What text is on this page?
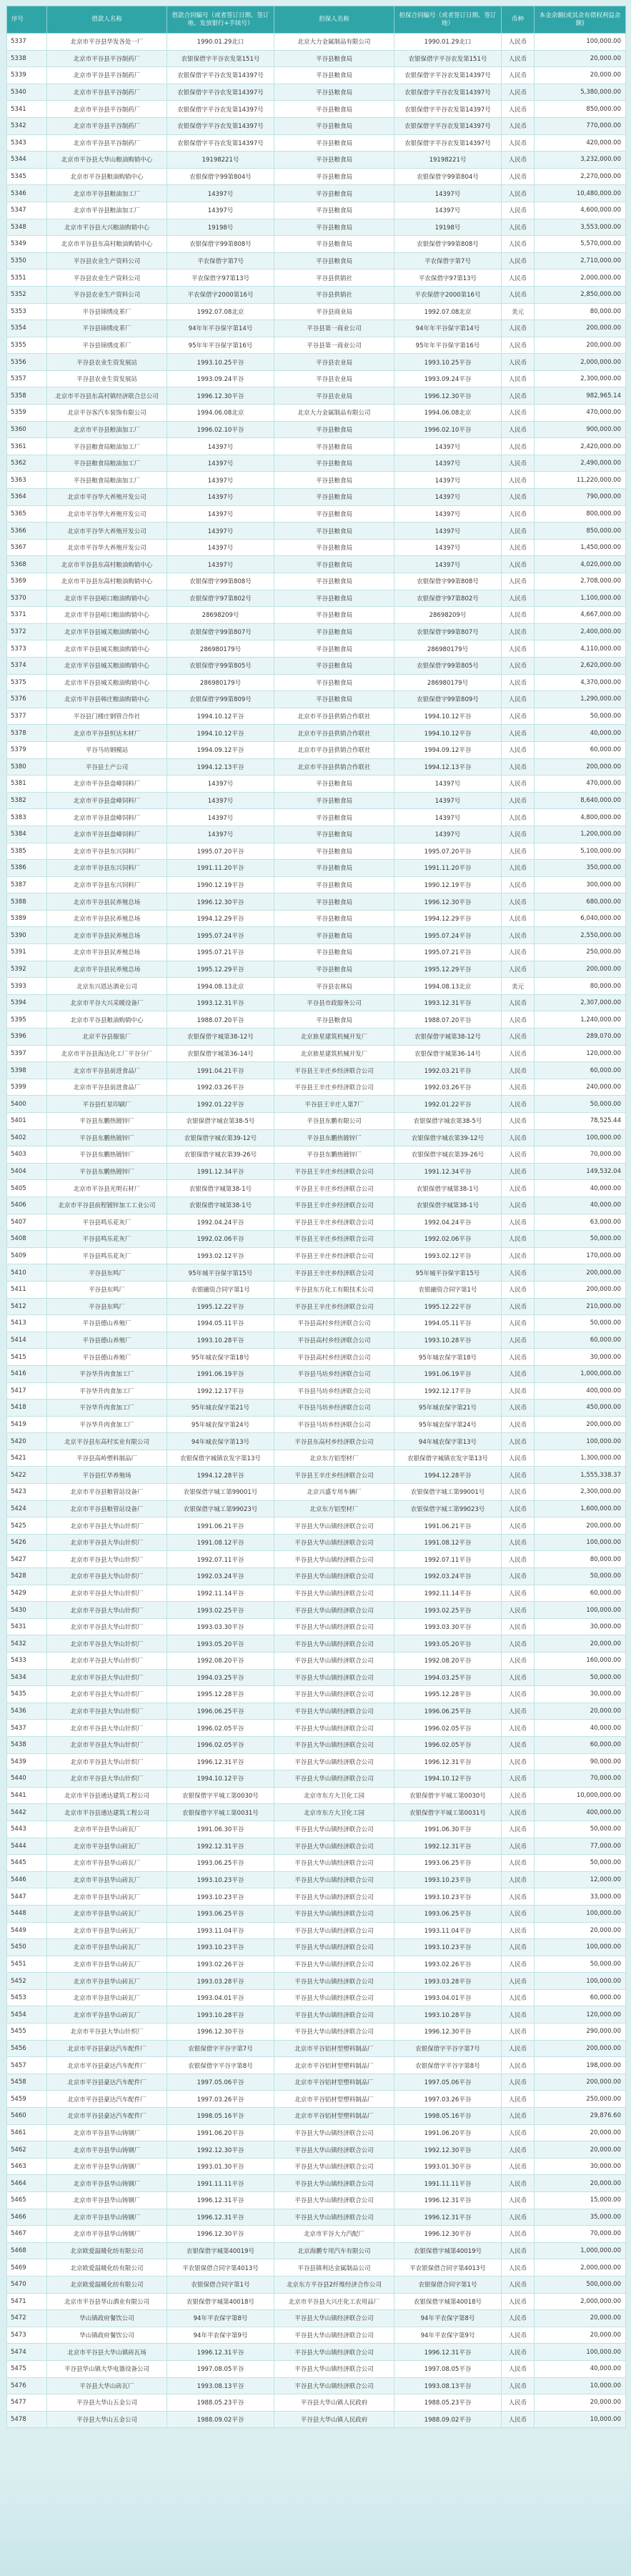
序号	借款人名称	借款合同编号（或者签订日期、签订地、发放银行+手续号）	担保人名称	担保合同编号（或者签订日期、签订地）	币种	本金余额(或其余有债权利益余额)
5337	北京市平谷县华发各处一厂	1990.01.29北口	北京大力金属制品有限公司	1990.01.29北口	人民币	100,000.00
5338	北京市平谷县平谷制药厂	农银保借字平谷农发第151号	平谷县粮食局	农银保借字平谷农发第151号	人民币	20,000.00
5339	北京市平谷县平谷制药厂	农银保借字平谷农发第14397号	平谷县粮食局	农银保借字平谷农发第14397号	人民币	20,000.00
5340	北京市平谷县平谷制药厂	农银保借字平谷农发第14397号	平谷县粮食局	农银保借字平谷农发第14397号	人民币	5,380,000.00
5341	北京市平谷县平谷制药厂	农银保借字平谷农发第14397号	平谷县粮食局	农银保借字平谷农发第14397号	人民币	850,000.00
5342	北京市平谷县平谷制药厂	农银保借字平谷农发第14397号	平谷县粮食局	农银保借字平谷农发第14397号	人民币	770,000.00
5343	北京市平谷县平谷制药厂	农银保借字平谷农发第14397号	平谷县粮食局	农银保借字平谷农发第14397号	人民币	420,000.00
5344	北京市平谷县大华山粮油购销中心	19198221号	平谷县粮食局	19198221号	人民币	3,232,000.00
5345	北京市平谷县粮油购销中心	农银保借字99第804号	平谷县粮食局	农银保借字99第804号	人民币	2,270,000.00
5346	北京市平谷县粮油加工厂	14397号	平谷县粮食局	14397号	人民币	10,480,000.00
5347	北京市平谷县粮油加工厂	14397号	平谷县粮食局	14397号	人民币	4,600,000.00
5348	北京市平谷县大兴粮油购销中心	19198号	平谷县粮食局	19198号	人民币	3,553,000.00
5349	北京市平谷县东高村粮油购销中心	农银保借字99第808号	平谷县粮食局	农银保借字99第808号	人民币	5,570,000.00
5350	平谷县农业生产资料公司	平农保借字第7号	平谷县粮食局	平农保借字第7号	人民币	2,710,000.00
5351	平谷县农业生产资料公司	平农保借字97第13号	平谷县供销社	平农保借字97第13号	人民币	2,000,000.00
5352	平谷县农业生产资料公司	平农保借字2000第16号	平谷县供销社	平农保借字2000第16号	人民币	2,850,000.00
5353	平谷县锦绣皮革厂	1992.07.08北京	平谷县商业局	1992.07.08北京	美元	80,000.00
5354	平谷县锦绣皮革厂	94年年平谷保字第14号	平谷县第一商业公司	94年年平谷保字第14号	人民币	200,000.00
5355	平谷县锦绣皮革厂	95年年平谷保字第16号	平谷县第一商业公司	95年年平谷保字第16号	人民币	200,000.00
5356	平谷县农业生资发展站	1993.10.25平谷	平谷县农业局	1993.10.25平谷	人民币	2,000,000.00
5357	平谷县农业生资发展站	1993.09.24平谷	平谷县农业局	1993.09.24平谷	人民币	2,300,000.00
5358	北京市平谷县东高村镇经济联合总公司	1996.12.30平谷	平谷县农业局	1996.12.30平谷	人民币	982,965.14
5359	北京平谷客汽车装饰有限公司	1994.06.08北京	北京大力金属制品有限公司	1994.06.08北京	人民币	470,000.00
5360	北京市平谷县粮油加工厂	1996.02.10平谷	平谷县粮食局	1996.02.10平谷	人民币	900,000.00
5361	平谷县粮食局粮油加工厂	14397号	平谷县粮食局	14397号	人民币	2,420,000.00
5362	平谷县粮食局粮油加工厂	14397号	平谷县粮食局	14397号	人民币	2,490,000.00
5363	平谷县粮食局粮油加工厂	14397号	平谷县粮食局	14397号	人民币	11,220,000.00
5364	北京市平谷华大养殖开发公司	14397号	平谷县粮食局	14397号	人民币	790,000.00
5365	北京市平谷华大养殖开发公司	14397号	平谷县粮食局	14397号	人民币	800,000.00
5366	北京市平谷华大养殖开发公司	14397号	平谷县粮食局	14397号	人民币	850,000.00
5367	北京市平谷华大养殖开发公司	14397号	平谷县粮食局	14397号	人民币	1,450,000.00
5368	北京市平谷县东高村粮油购销中心	14397号	平谷县粮食局	14397号	人民币	4,020,000.00
5369	北京市平谷县东高村粮油购销中心	农银保借字99第808号	平谷县粮食局	农银保借字99第808号	人民币	2,708,000.00
5370	北京市平谷县峪口粮油购销中心	农银保借字97第802号	平谷县粮食局	农银保借字97第802号	人民币	1,100,000.00
5371	北京市平谷县峪口粮油购销中心	28698209号	平谷县粮食局	28698209号	人民币	4,667,000.00
5372	北京市平谷县城关粮油购销中心	农银保借字99第807号	平谷县粮食局	农银保借字99第807号	人民币	2,400,000.00
5373	北京市平谷县城关粮油购销中心	286980179号	平谷县粮食局	286980179号	人民币	4,110,000.00
5374	北京市平谷县城关粮油购销中心	农银保借字99第805号	平谷县粮食局	农银保借字99第805号	人民币	2,620,000.00
5375	北京市平谷县城关粮油购销中心	286980179号	平谷县粮食局	286980179号	人民币	4,370,000.00
5376	北京市平谷县韩庄粮油购销中心	农银保借字99第809号	平谷县粮食局	农银保借字99第809号	人民币	1,290,000.00
5377	平谷县门楼庄钢管合作社	1994.10.12平谷	北京市平谷县供销合作联社	1994.10.12平谷	人民币	50,000.00
5378	北京市平谷县恒达木材厂	1994.10.12平谷	北京市平谷县供销合作联社	1994.10.12平谷	人民币	40,000.00
5379	平谷马坊钢模站	1994.09.12平谷	北京市平谷县供销合作联社	1994.09.12平谷	人民币	60,000.00
5380	平谷县土产公司	1994.12.13平谷	北京市平谷县供销合作联社	1994.12.13平谷	人民币	200,000.00
5381	北京市平谷县盘峰饲料厂	14397号	平谷县粮食局	14397号	人民币	470,000.00
5382	北京市平谷县盘峰饲料厂	14397号	平谷县粮食局	14397号	人民币	8,640,000.00
5383	北京市平谷县盘峰饲料厂	14397号	平谷县粮食局	14397号	人民币	4,800,000.00
5384	北京市平谷县盘峰饲料厂	14397号	平谷县粮食局	14397号	人民币	1,200,000.00
5385	北京市平谷县东兴饲料厂	1995.07.20平谷	平谷县粮食局	1995.07.20平谷	人民币	5,100,000.00
5386	北京市平谷县东兴饲料厂	1991.11.20平谷	平谷县粮食局	1991.11.20平谷	人民币	350,000.00
5387	北京市平谷县东兴饲料厂	1990.12.19平谷	平谷县粮食局	1990.12.19平谷	人民币	300,000.00
5388	北京市平谷县民养殖总场	1996.12.30平谷	平谷县粮食局	1996.12.30平谷	人民币	680,000.00
5389	北京市平谷县民养殖总场	1994.12.29平谷	平谷县粮食局	1994.12.29平谷	人民币	6,040,000.00
5390	北京市平谷县民养殖总场	1995.07.24平谷	平谷县粮食局	1995.07.24平谷	人民币	2,550,000.00
5391	北京市平谷县民养殖总场	1995.07.21平谷	平谷县粮食局	1995.07.21平谷	人民币	250,000.00
5392	北京市平谷县民养殖总场	1995.12.29平谷	平谷县粮食局	1995.12.29平谷	人民币	200,000.00
5393	北京东兴恩达酒业公司	1994.08.13北京	平谷县农林局	1994.08.13北京	美元	80,000.00
5394	北京市平谷大兴采暖设备厂	1993.12.31平谷	平谷县市政服务公司	1993.12.31平谷	人民币	2,307,000.00
5395	北京市平谷县粮油购销中心	1988.07.20平谷	平谷县粮食局	1988.07.20平谷	人民币	1,240,000.00
5396	北京平谷县服装厂	农银保借字城第38-12号	北京旅星建筑机械开发厂	农银保借字城第38-12号	人民币	289,070.00
5397	北京市平谷县海达化工厂平谷分厂	农银保借字城第36-14号	北京旅星建筑机械开发厂	农银保借字城第36-14号	人民币	120,000.00
5398	北京市平谷县前进食品厂	1991.04.21平谷	平谷县王辛庄乡经济联合公司	1992.03.21平谷	人民币	60,000.00
5399	北京市平谷县前进食品厂	1992.03.26平谷	平谷县王辛庄乡经济联合公司	1992.03.26平谷	人民币	240,000.00
5400	平谷县红星印刷厂	1992.01.22平谷	平谷县王辛庄人第7厂	1992.01.22平谷	人民币	50,000.00
5401	平谷县东鹏热镀锌厂	农银保借字城农第38-5号	平谷县东鹏有限公司	农银保借字城农第38-5号	人民币	78,525.44
5402	平谷县东鹏热镀锌厂	农银保借字城农第39-12号	平谷县东鹏热镀锌厂	农银保借字城农第39-12号	人民币	100,000.00
5403	平谷县东鹏热镀锌厂	农银保借字城农第39-26号	平谷县东鹏热镀锌厂	农银保借字城农第39-26号	人民币	70,000.00
5404	平谷县东鹏热镀锌厂	1991.12.34平谷	平谷县王辛庄乡经济联合公司	1991.12.34平谷	人民币	149,532.04
5405	北京市平谷县光明石材厂	农银保借字城第38-1号	平谷县王辛庄乡经济联合公司	农银保借字城第38-1号	人民币	40,000.00
5406	北京市平谷县前程镀锌加工工业公司	农银保借字城第38-1号	平谷县王辛庄乡经济联合公司	农银保借字城第38-1号	人民币	40,000.00
5407	平谷县鸣乐花灰厂	1992.04.24平谷	平谷县王辛庄乡经济联合公司	1992.04.24平谷	人民币	63,000.00
5408	平谷县鸣乐花灰厂	1992.02.06平谷	平谷县王辛庄乡经济联合公司	1992.02.06平谷	人民币	50,000.00
5409	平谷县鸣乐花灰厂	1993.02.12平谷	平谷县王辛庄乡经济联合公司	1993.02.12平谷	人民币	170,000.00
5410	平谷县东鸣厂	95年城平谷保字第15号	平谷县王辛庄乡经济联合公司	95年城平谷保字第15号	人民币	200,000.00
5411	平谷县东鸣厂	农银融资合同字第1号	平谷县东方化工有限技术公司	农银融资合同字第1号	人民币	200,000.00
5412	平谷县东鸣厂	1995.12.22平谷	平谷县王辛庄乡经济联合公司	1995.12.22平谷	人民币	210,000.00
5413	平谷县德山养殖厂	1994.05.11平谷	平谷县高村乡经济联合公司	1994.05.11平谷	人民币	50,000.00
5414	平谷县德山养殖厂	1993.10.28平谷	平谷县高村乡经济联合公司	1993.10.28平谷	人民币	60,000.00
5415	平谷县德山养殖厂	95年城农保字第18号	平谷县高村乡经济联合公司	95年城农保字第18号	人民币	30,000.00
5416	平谷华升肉食加工厂	1991.06.19平谷	平谷县马坊乡经济联合公司	1991.06.19平谷	人民币	1,000,000.00
5417	平谷华升肉食加工厂	1992.12.17平谷	平谷县马坊乡经济联合公司	1992.12.17平谷	人民币	400,000.00
5418	平谷华升肉食加工厂	95年城农保字第21号	平谷县马坊乡经济联合公司	95年城农保字第21号	人民币	450,000.00
5419	平谷华升肉食加工厂	95年城农保字第24号	平谷县马坊乡经济联合公司	95年城农保字第24号	人民币	200,000.00
5420	北京平谷县东高村实业有限公司	94年城农保字第13号	平谷县东高村乡经济联合公司	94年城农保字第13号	人民币	100,000.00
5421	平谷县高岭塑料制品厂	农银保借字城镇农发字第13号	北京东方铝型材厂	农银保借字城镇农发字第13号	人民币	1,300,000.00
5422	平谷县红华养殖场	1994.12.28平谷	平谷县王辛庄乡经济联合公司	1994.12.28平谷	人民币	1,555,338.37
5423	北京市平谷县粮管站设备厂	农银保借字城工第99001号	北京兴盛专用车辆厂	农银保借字城工第99001号	人民币	2,300,000.00
5424	北京市平谷县粮管站设备厂	农银保借字城工第99023号	北京东方铝型材厂	农银保借字城工第99023号	人民币	1,600,000.00
5425	北京市平谷县大华山针织厂	1991.06.21平谷	平谷县大华山镇经济联合公司	1991.06.21平谷	人民币	200,000.00
5426	北京市平谷县大华山针织厂	1991.08.12平谷	平谷县大华山镇经济联合公司	1991.08.12平谷	人民币	100,000.00
5427	北京市平谷县大华山针织厂	1992.07.11平谷	平谷县大华山镇经济联合公司	1992.07.11平谷	人民币	80,000.00
5428	北京市平谷县大华山针织厂	1992.03.24平谷	平谷县大华山镇经济联合公司	1992.03.24平谷	人民币	50,000.00
5429	北京市平谷县大华山针织厂	1992.11.14平谷	平谷县大华山镇经济联合公司	1992.11.14平谷	人民币	60,000.00
5430	北京市平谷县大华山针织厂	1993.02.25平谷	平谷县大华山镇经济联合公司	1993.02.25平谷	人民币	100,000.00
5431	北京市平谷县大华山针织厂	1993.03.30平谷	平谷县大华山镇经济联合公司	1993.03.30平谷	人民币	30,000.00
5432	北京市平谷县大华山针织厂	1993.05.20平谷	平谷县大华山镇经济联合公司	1993.05.20平谷	人民币	20,000.00
5433	北京市平谷县大华山针织厂	1992.08.20平谷	平谷县大华山镇经济联合公司	1992.08.20平谷	人民币	160,000.00
5434	北京市平谷县大华山针织厂	1994.03.25平谷	平谷县大华山镇经济联合公司	1994.03.25平谷	人民币	50,000.00
5435	北京市平谷县大华山针织厂	1995.12.28平谷	平谷县大华山镇经济联合公司	1995.12.28平谷	人民币	30,000.00
5436	北京市平谷县大华山针织厂	1996.06.25平谷	平谷县大华山镇经济联合公司	1996.06.25平谷	人民币	20,000.00
5437	北京市平谷县大华山针织厂	1996.02.05平谷	平谷县大华山镇经济联合公司	1996.02.05平谷	人民币	40,000.00
5438	北京市平谷县大华山针织厂	1996.02.05平谷	平谷县大华山镇经济联合公司	1996.02.05平谷	人民币	60,000.00
5439	北京市平谷县大华山针织厂	1996.12.31平谷	平谷县大华山镇经济联合公司	1996.12.31平谷	人民币	90,000.00
5440	北京市平谷县大华山针织厂	1994.10.12平谷	平谷县大华山镇经济联合公司	1994.10.12平谷	人民币	70,000.00
5441	北京市平谷县通达建筑工程公司	农银保借字平城工第0030号	北京市东方大卫化工园	农银保借字平城工第0030号	人民币	10,000,000.00
5442	北京市平谷县通达建筑工程公司	农银保借字平城工第0031号	北京市东方大卫化工园	农银保借字平城工第0031号	人民币	400,000.00
5443	北京市平谷县华山砖瓦厂	1991.06.30平谷	平谷县大华山镇经济联合公司	1991.06.30平谷	人民币	50,000.00
5444	北京市平谷县华山砖瓦厂	1992.12.31平谷	平谷县大华山镇经济联合公司	1992.12.31平谷	人民币	77,000.00
5445	北京市平谷县华山砖瓦厂	1993.06.25平谷	平谷县大华山镇经济联合公司	1993.06.25平谷	人民币	50,000.00
5446	北京市平谷县华山砖瓦厂	1993.10.23平谷	平谷县大华山镇经济联合公司	1993.10.23平谷	人民币	12,000.00
5447	北京市平谷县华山砖瓦厂	1993.10.23平谷	平谷县大华山镇经济联合公司	1993.10.23平谷	人民币	33,000.00
5448	北京市平谷县华山砖瓦厂	1993.06.25平谷	平谷县大华山镇经济联合公司	1993.06.25平谷	人民币	100,000.00
5449	北京市平谷县华山砖瓦厂	1993.11.04平谷	平谷县大华山镇经济联合公司	1993.11.04平谷	人民币	20,000.00
5450	北京市平谷县华山砖瓦厂	1993.10.23平谷	平谷县大华山镇经济联合公司	1993.10.23平谷	人民币	100,000.00
5451	北京市平谷县华山砖瓦厂	1993.02.26平谷	平谷县大华山镇经济联合公司	1993.02.26平谷	人民币	50,000.00
5452	北京市平谷县华山砖瓦厂	1993.03.28平谷	平谷县大华山镇经济联合公司	1993.03.28平谷	人民币	100,000.00
5453	北京市平谷县华山砖瓦厂	1993.04.01平谷	平谷县大华山镇经济联合公司	1993.04.01平谷	人民币	60,000.00
5454	北京市平谷县华山砖瓦厂	1993.10.28平谷	平谷县大华山镇经济联合公司	1993.10.28平谷	人民币	120,000.00
5455	北京市平谷县大华山针织厂	1996.12.30平谷	平谷县大华山镇经济联合公司	1996.12.30平谷	人民币	290,000.00
5456	北京市平谷县豪达汽车配件厂	农银保借字平谷字第7号	北京市平谷铝材型塑料制品厂	农银保借字平谷字第7号	人民币	200,000.00
5457	北京市平谷县豪达汽车配件厂	农银保借字平谷字第8号	北京市平谷铝材型塑料制品厂	农银保借字平谷字第8号	人民币	198,000.00
5458	北京市平谷县豪达汽车配件厂	1997.05.06平谷	北京市平谷铝材型塑料制品厂	1997.05.06平谷	人民币	200,000.00
5459	北京市平谷县豪达汽车配件厂	1997.03.26平谷	北京市平谷铝材型塑料制品厂	1997.03.26平谷	人民币	250,000.00
5460	北京市平谷县豪达汽车配件厂	1998.05.16平谷	北京市平谷铝材型塑料制品厂	1998.05.16平谷	人民币	29,876.60
5461	北京市平谷县华山铸钢厂	1991.06.20平谷	平谷县大华山镇经济联合公司	1991.06.20平谷	人民币	20,000.00
5462	北京市平谷县华山铸钢厂	1992.12.30平谷	平谷县大华山镇经济联合公司	1992.12.30平谷	人民币	20,000.00
5463	北京市平谷县华山铸钢厂	1993.01.30平谷	平谷县大华山镇经济联合公司	1993.01.30平谷	人民币	30,000.00
5464	北京市平谷县华山铸钢厂	1991.11.11平谷	平谷县大华山镇经济联合公司	1991.11.11平谷	人民币	20,000.00
5465	北京市平谷县华山铸钢厂	1996.12.31平谷	平谷县大华山镇经济联合公司	1996.12.31平谷	人民币	15,000.00
5466	北京市平谷县华山铸钢厂	1996.12.31平谷	平谷县大华山镇经济联合公司	1996.12.31平谷	人民币	35,000.00
5467	北京市平谷县华山铸钢厂	1996.12.30平谷	北京市平谷大力汽配厂	1996.12.30平谷	人民币	70,000.00
5468	北京欧爱温暖化纺有限公司	农银保借字城第40019号	北京海鹏专用汽车有限公司	农银保借字城第40019号	人民币	1,000,000.00
5469	北京欧爱温暖化纺有限公司	平农银保借合同字第4013号	平谷县镇利达金属制品公司	平农银保借合同字第4013号	人民币	2,000,000.00
5470	北京欧爱温暖化纺有限公司	农银保借合同字第1号	北京东方平谷县2纤维经济合作公司	农银保借合同字第1号	人民币	500,000.00
5471	北京市平谷县华山酒业有限公司	农银保借字城第40018号	北京市平谷县大兴庄化工农用品厂	农银保借字城第40018号	人民币	2,000,000.00
5472	华山镇政府餐饮公司	94年平农保字第8号	平谷县大华山镇经济联合公司	94年平农保字第8号	人民币	20,000.00
5473	华山镇政府餐饮公司	94年平农保字第9号	平谷县大华山镇经济联合公司	94年平农保字第9号	人民币	20,000.00
5474	北京市平谷县大华山镇砖瓦场	1996.12.31平谷	平谷县大华山镇经济联合公司	1996.12.31平谷	人民币	100,000.00
5475	平谷县华山镇大华电器设备公司	1997.08.05平谷	平谷县大华山镇经济联合公司	1997.08.05平谷	人民币	40,000.00
5476	平谷县大华山砖瓦厂	1993.08.13平谷	平谷县大华山镇经济联合公司	1993.08.13平谷	人民币	10,000.00
5477	平谷县大华山五金公司	1988.05.23平谷	平谷县大华山镇人民政府	1988.05.23平谷	人民币	20,000.00
5478	平谷县大华山五金公司	1988.09.02平谷	平谷县大华山镇人民政府	1988.09.02平谷	人民币	10,000.00
